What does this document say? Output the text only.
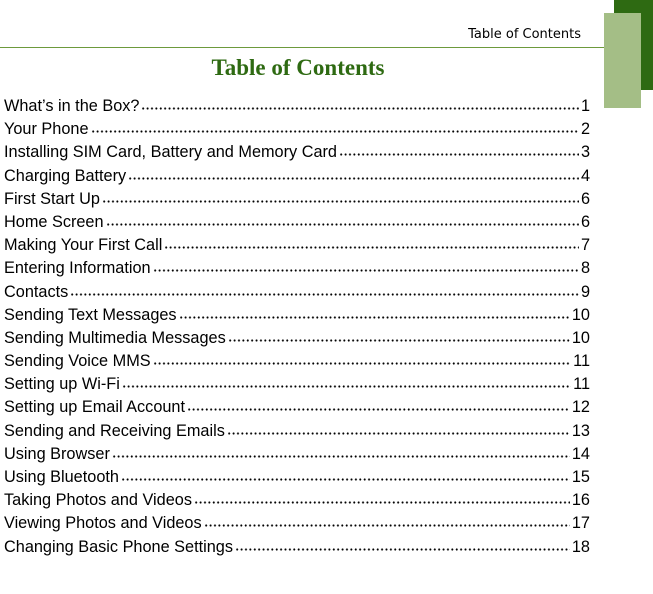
Table of Contents
Table of Contents
What’s in the Box?	1
Your Phone	2
Installing SIM Card, Battery and Memory Card	3
Charging Battery	4
First Start Up	6
Home Screen	6
Making Your First Call	7
Entering Information	8
Contacts	9
Sending Text Messages	10
Sending Multimedia Messages	10
Sending Voice MMS	11
Setting up Wi-Fi	11
Setting up Email Account	12
Sending and Receiving Emails	13
Using Browser	14
Using Bluetooth	15
Taking Photos and Videos	16
Viewing Photos and Videos	17
Changing Basic Phone Settings	18
